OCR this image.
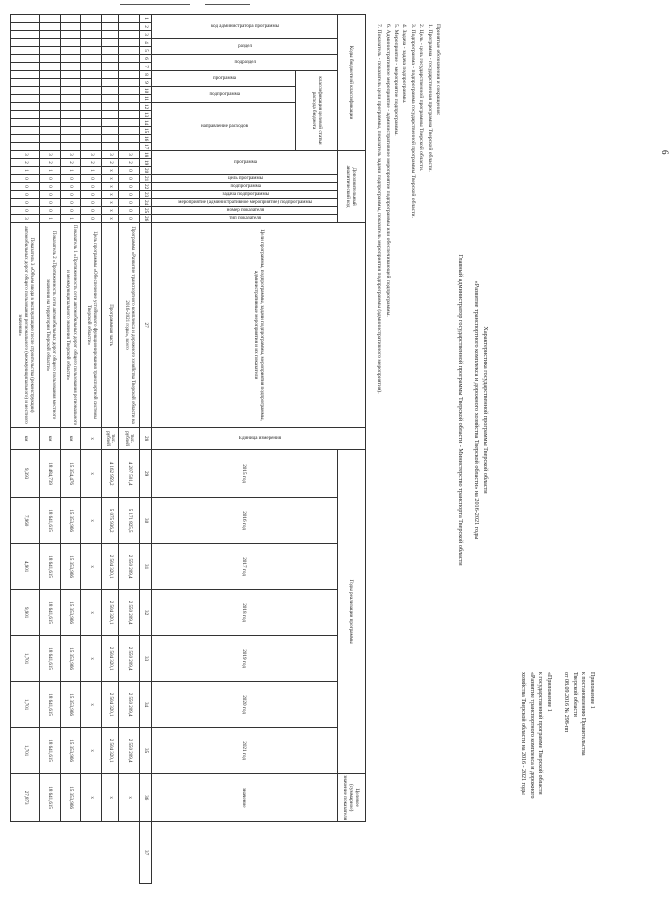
6
Приложение 1
к постановлению Правительства
Тверской области
от 08.09.2016 № 298-пп

«Приложение 1
к государственной программе Тверской области
«Развитие транспортного комплекса и дорожного
хозяйства Тверской области на 2016 - 2021 годы
Характеристика государственной программы Тверской области
«Развитие транспортного комплекса и дорожного хозяйства Тверской области» на 2016-2021 годы
Главный администратор государственной программы Тверской области - Министерство транспорта Тверской области
Принятые обозначения и сокращения:
1. Программа - государственная программа Тверской области.
2. Цель - цель государственной программы Тверской области.
3. Подпрограмма - подпрограмма государственной программы Тверской области.
4. Задача - задача подпрограммы.
5. Мероприятие - мероприятие подпрограммы.
6. Административное мероприятие - административное мероприятие подпрограммы или обеспечивающей подпрограммы.
7. Показатель - показатель цели программы, показатель задачи подпрограммы, показатель мероприятия подпрограммы (административного мероприятия).
Коды бюджетной классификации																	Дополнительный аналитический код									Цели программы, подпрограммы, задачи подпрограммы, мероприятия подпрограммы, административные мероприятия и их показатели	Единица измерения	Годы реализации программы							Целевое (суммарное) значение показателя	
код администратора программы			раздел		подраздел		классификация целевой статьи расхода бюджета										программа			цель программы	подпрограмма	задача подпрограммы	мероприятие (административное мероприятие) подпрограммы	номер показателя	тип показателя			2015 год	2016 год	2017 год	2018 год	2019 год	2020 год	2021 год	значение	
							программа		подпрограмма		направление расходов																									
1	2	3	4	5	6	7	8	9	10	11	12	13	14	15	16	17	18	19	20	21	22	23	24	25	26	27	28	29	30	31	32	33	34	35	36	37
																	3	2	0	0	0	0	0	0	0	Программа «Развитие транспортного комплекса и дорожного хозяйства Тверской области на 2016-2021 годы», всего	тыс. рублей	4 207 501,4	5 171 825,5	2 550 209,4	2 550 209,4	2 550 209,4	2 550 209,4	2 550 209,4	х	
																	3	2	х	х	х	х	х	х	х	Программная часть	тыс. рублей	4 162 959,2	5 075 936,2	2 504 320,1	2 504 320,1	2 504 320,1	2 504 320,1	2 504 320,1	х	
																	3	2	1	0	0	0	0	0	0	Цель программы «Обеспечение устойчивого функционирования транспортной системы Тверской области»	х	х	х	х	х	х	х	х	х	
																	3	2	1	0	0	0	0	0	1	Показатель 1 «Протяженность сети автомобильных дорог общего пользования регионального и межмуниципального значения Тверской области»	км	15 354,476	15 353,966	15 353,966	15 353,966	15 353,966	15 353,966	15 353,966	15 353,966	
																	3	2	1	0	0	0	0	0	1	Показатель 2 «Протяженность сети автомобильных дорог общего пользования местного значения на территории Тверской области»	км	18 484,739	18 641,615	18 641,615	18 641,615	18 641,615	18 641,615	18 641,615	18 641,615	
																	3	2	1	0	0	0	0	0	3	Показатель 3 «Объем ввода в эксплуатацию после строительства (реконструкции) автомобильных дорог общего пользования регионального (межмуниципального) и местного значения»	км	9,393	7,960	4,901	9,901	1,701	1,701	1,701	27,873	
